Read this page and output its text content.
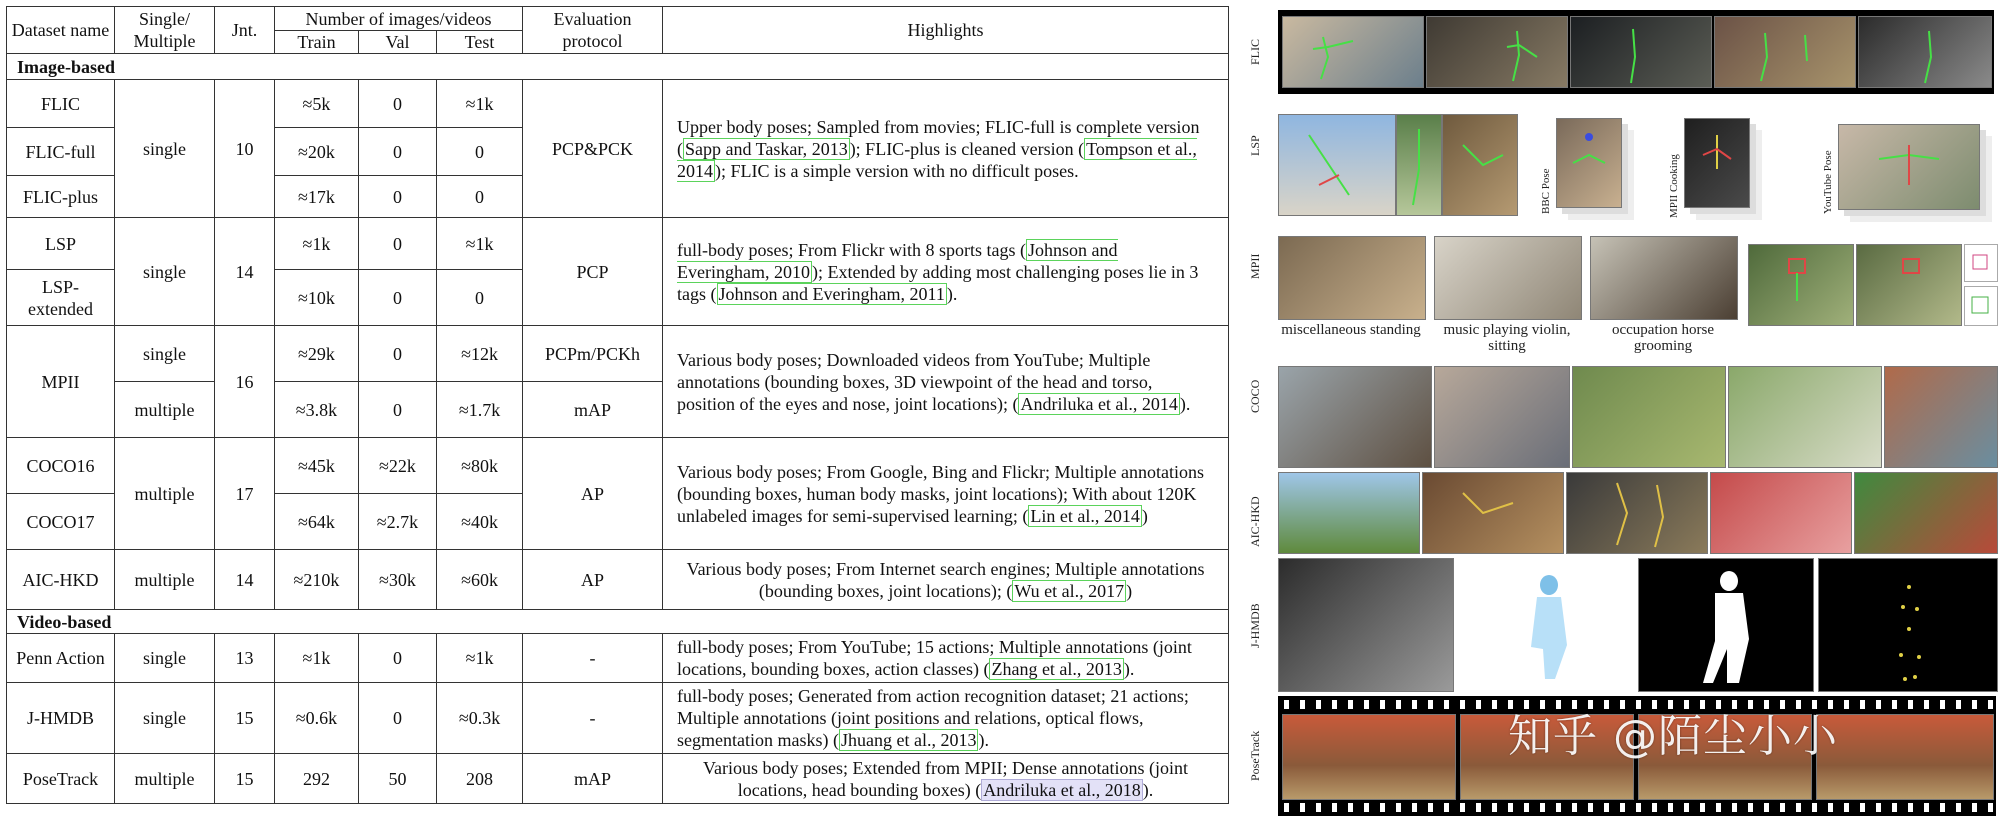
Dataset name	Single/ Multiple	Jnt.	Number of images/videos			Evaluation protocol	Highlights
			Train	Val	Test		
Image-based							
FLIC	single	10	≈5k	0	≈1k	PCP&PCK	Upper body poses; Sampled from movies; FLIC-full is complete version ( Sapp and Taskar, 2013 ); FLIC-plus is cleaned version ( Tompson et al., 2014 ); FLIC is a simple version with no difficult poses.
FLIC-full			≈20k	0	0		
FLIC-plus			≈17k	0	0		
LSP	single	14	≈1k	0	≈1k	PCP	full-body poses; From Flickr with 8 sports tags ( Johnson and Everingham, 2010 ); Extended by adding most challenging poses lie in 3 tags ( Johnson and Everingham, 2011 ).
LSP-extended			≈10k	0	0		
MPII	single	16	≈29k	0	≈12k	PCPm/PCKh	Various body poses; Downloaded videos from YouTube; Multiple annotations (bounding boxes, 3D viewpoint of the head and torso, position of the eyes and nose, joint locations); ( Andriluka et al., 2014 ).
	multiple		≈3.8k	0	≈1.7k	mAP	
COCO16	multiple	17	≈45k	≈22k	≈80k	AP	Various body poses; From Google, Bing and Flickr; Multiple annotations (bounding boxes, human body masks, joint locations); With about 120K unlabeled images for semi-supervised learning; ( Lin et al., 2014 )
COCO17			≈64k	≈2.7k	≈40k		
AIC-HKD	multiple	14	≈210k	≈30k	≈60k	AP	Various body poses; From Internet search engines; Multiple annotations (bounding boxes, joint locations); ( Wu et al., 2017 )
Video-based							
Penn Action	single	13	≈1k	0	≈1k	-	full-body poses; From YouTube; 15 actions; Multiple annotations (joint locations, bounding boxes, action classes) ( Zhang et al., 2013 ).
J-HMDB	single	15	≈0.6k	0	≈0.3k	-	full-body poses; Generated from action recognition dataset; 21 actions; Multiple annotations (joint positions and relations, optical flows, segmentation masks) ( Jhuang et al., 2013 ).
PoseTrack	multiple	15	292	50	208	mAP	Various body poses; Extended from MPII; Dense annotations (joint locations, head bounding boxes) ( Andriluka et al., 2018 ).
FLIC
LSP
BBC Pose	MPII Cooking	YouTube Pose
MPII
miscellaneous standing	music playing violin, sitting
occupation horse grooming
COCO
AIC-HKD
J-HMDB
PoseTrack	知乎 @陌尘小小
